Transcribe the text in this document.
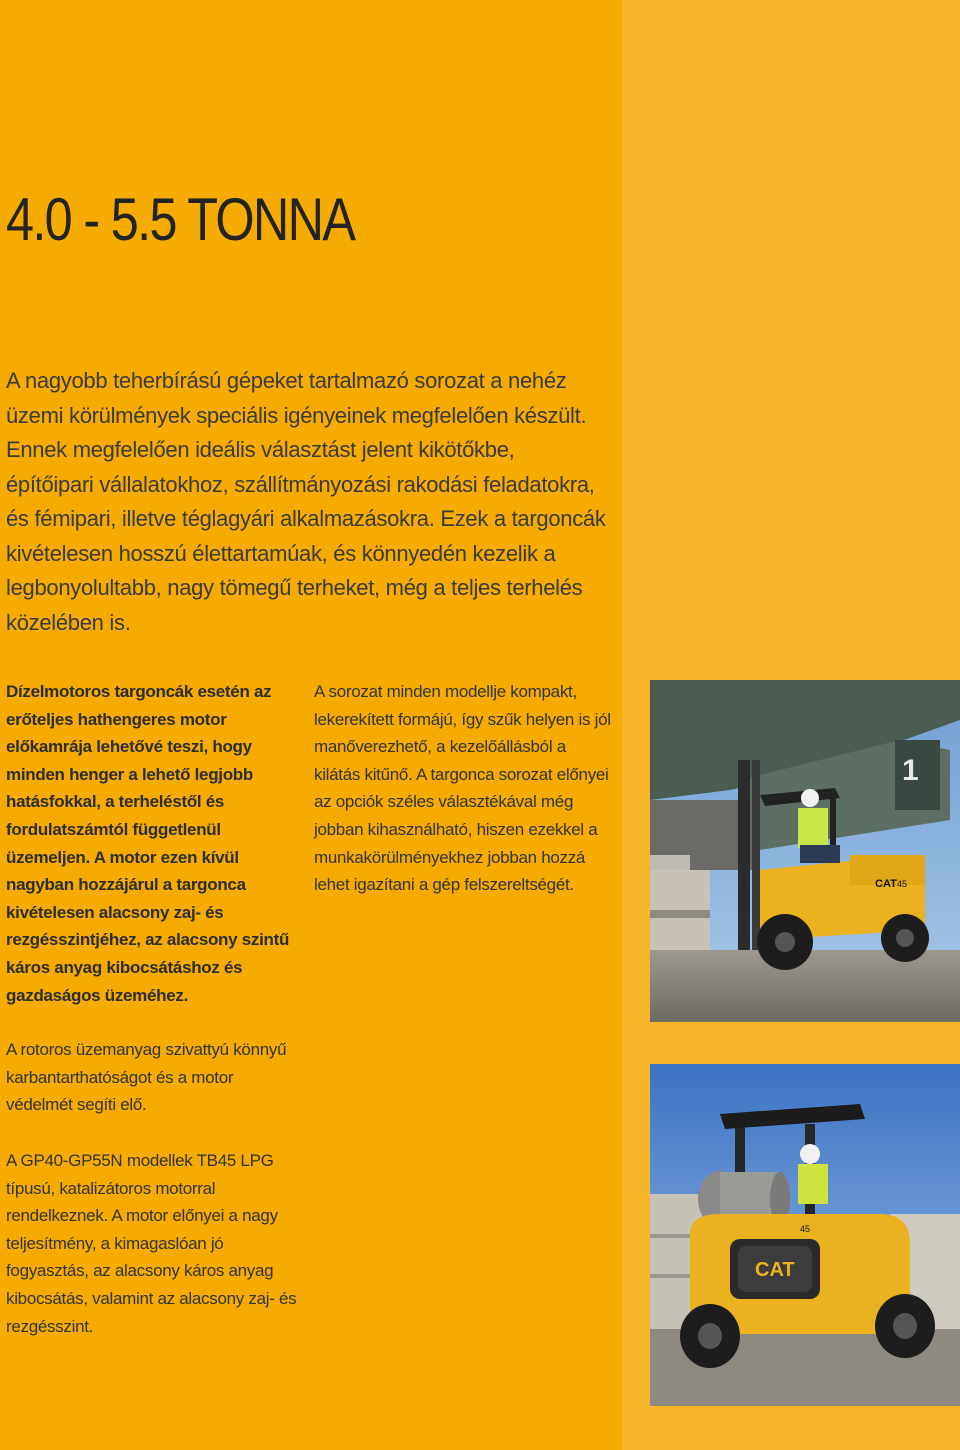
4.0 - 5.5 TONNA

A nagyobb teherbírású gépeket tartalmazó sorozat a nehéz üzemi körülmények speciális igényeinek megfelelően készült. Ennek megfelelően ideális választást jelent kikötőkbe, építőipari vállalatokhoz, szállítmányozási rakodási feladatokra, és fémipari, illetve téglagyári alkalmazásokra. Ezek a targoncák kivételesen hosszú élettartamúak, és könnyedén kezelik a legbonyolultabb, nagy tömegű terheket, még a teljes terhelés közelében is.

Dízelmotoros targoncák esetén az erőteljes hathengeres motor előkamrája lehetővé teszi, hogy minden henger a lehető legjobb hatásfokkal, a terheléstől és fordulatszámtól függetlenül üzemeljen. A motor ezen kívül nagyban hozzájárul a targonca kivételesen alacsony zaj- és rezgésszintjéhez, az alacsony szintű káros anyag kibocsátáshoz és gazdaságos üzeméhez.

A sorozat minden modellje kompakt, lekerekített formájú, így szűk helyen is jól manőverezhető, a kezelőállásból a kilátás kitűnő. A targonca sorozat előnyei az opciók széles választékával még jobban kihasználható, hiszen ezekkel a munkakörülményekhez jobban hozzá lehet igazítani a gép felszereltségét.

A rotoros üzemanyag szivattyú könnyű karbantarthatóságot és a motor védelmét segíti elő.

A GP40-GP55N modellek TB45 LPG típusú, katalizátoros motorral rendelkeznek. A motor előnyei a nagy teljesítmény, a kimagaslóan jó fogyasztás, az alacsony káros anyag kibocsátás, valamint az alacsony zaj- és rezgésszint.

1
CAT 45
CAT
45
